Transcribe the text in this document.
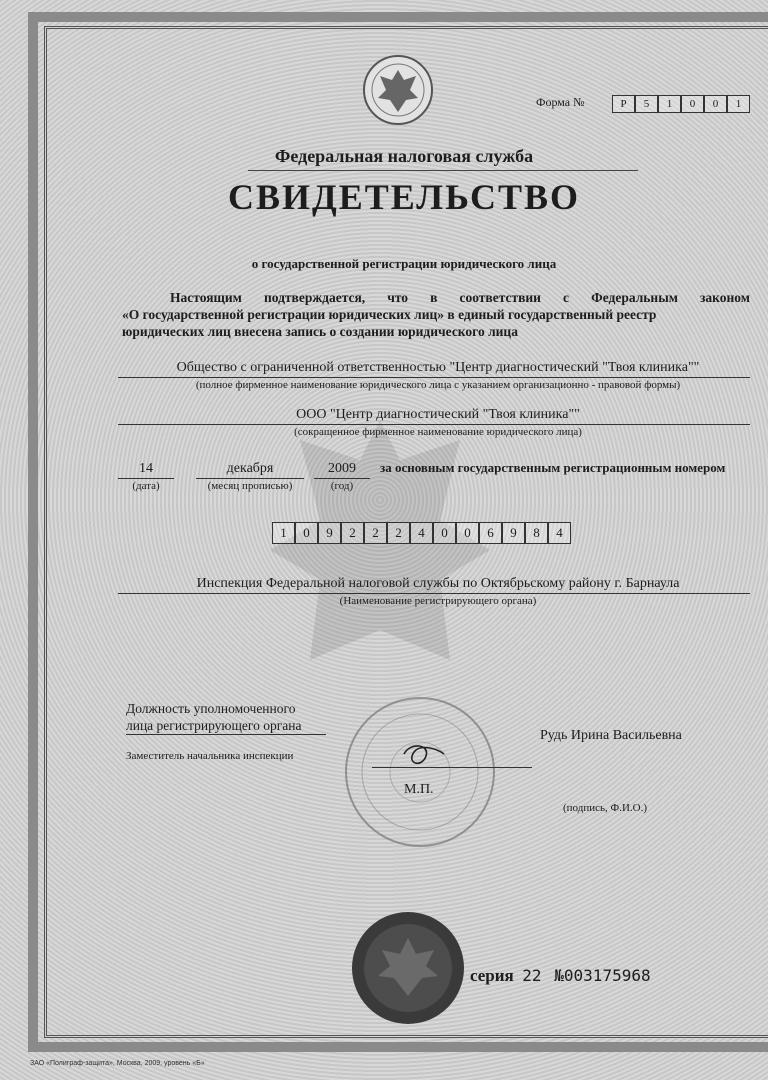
Форма №	Р	5	1	0	0	1
Федеральная налоговая служба
СВИДЕТЕЛЬСТВО
о государственной регистрации юридического лица
Настоящим подтверждается, что в соответствии с Федеральным законом
«О государственной регистрации юридических лиц» в единый государственный реестр
юридических лиц внесена запись о создании юридического лица
Общество с ограниченной ответственностью "Центр диагностический "Твоя клиника""
(полное фирменное наименование юридического лица с указанием организационно - правовой формы)
ООО "Центр диагностический "Твоя клиника""
(сокращенное фирменное наименование юридического лица)
14
(дата)
декабря
(месяц прописью)
2009
(год)
за основным государственным регистрационным номером
1	0	9	2	2	2	4	0	0	6	9	8	4
Инспекция Федеральной налоговой службы по Октябрьскому району г. Барнаула
(Наименование регистрирующего органа)
Должность уполномоченного
лица регистрирующего органа
Заместитель начальника инспекции
Рудь Ирина Васильевна
М.П.
(подпись, Ф.И.О.)
серия 22 №003175968
ЗАО «Полиграф-защита», Москва, 2009, уровень «Б»
